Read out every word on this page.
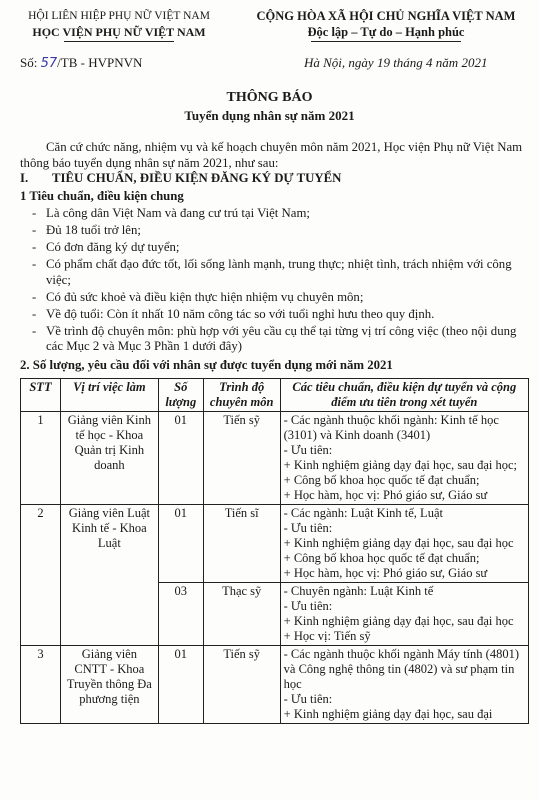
HỘI LIÊN HIỆP PHỤ NỮ VIỆT NAM
HỌC VIỆN PHỤ NỮ VIỆT NAM
CỘNG HÒA XÃ HỘI CHỦ NGHĨA VIỆT NAM
Độc lập – Tự do – Hạnh phúc
Số: 57/TB - HVPNVN	Hà Nội, ngày 19 tháng 4 năm 2021
THÔNG BÁO
Tuyển dụng nhân sự năm 2021

Căn cứ chức năng, nhiệm vụ và kế hoạch chuyên môn năm 2021, Học viện Phụ nữ Việt Nam thông báo tuyển dụng nhân sự năm 2021, như sau:

I.	TIÊU CHUẨN, ĐIỀU KIỆN ĐĂNG KÝ DỰ TUYỂN

1 Tiêu chuẩn, điều kiện chung

- Là công dân Việt Nam và đang cư trú tại Việt Nam;
- Đủ 18 tuổi trở lên;
- Có đơn đăng ký dự tuyển;
- Có phẩm chất đạo đức tốt, lối sống lành mạnh, trung thực; nhiệt tình, trách nhiệm với công việc;
- Có đủ sức khoẻ và điều kiện thực hiện nhiệm vụ chuyên môn;
- Về độ tuổi: Còn ít nhất 10 năm công tác so với tuổi nghỉ hưu theo quy định.
- Về trình độ chuyên môn: phù hợp với yêu cầu cụ thể tại từng vị trí công việc (theo nội dung các Mục 2 và Mục 3 Phần 1 dưới đây)

2. Số lượng, yêu cầu đối với nhân sự được tuyển dụng mới năm 2021

STT	Vị trí việc làm	Số lượng	Trình độ chuyên môn	Các tiêu chuẩn, điều kiện dự tuyển và cộng điểm ưu tiên trong xét tuyển
1	Giảng viên Kinh tế học - Khoa Quản trị Kinh doanh	01	Tiến sỹ	- Các ngành thuộc khối ngành: Kinh tế học (3101) và Kinh doanh (3401)
- Ưu tiên:
+ Kinh nghiệm giảng dạy đại học, sau đại học;
+ Công bố khoa học quốc tế đạt chuẩn;
+ Học hàm, học vị: Phó giáo sư, Giáo sư

2	Giảng viên Luật Kinh tế - Khoa Luật	01	Tiến sĩ	- Các ngành: Luật Kinh tế, Luật
- Ưu tiên:
+ Kinh nghiệm giảng dạy đại học, sau đại học
+ Công bố khoa học quốc tế đạt chuẩn;
+ Học hàm, học vị: Phó giáo sư, Giáo sư

		03	Thạc sỹ	- Chuyên ngành: Luật Kinh tế
- Ưu tiên:
+ Kinh nghiệm giảng dạy đại học, sau đại học
+ Học vị: Tiến sỹ

3	Giảng viên CNTT - Khoa Truyền thông Đa phương tiện	01	Tiến sỹ	- Các ngành thuộc khối ngành Máy tính (4801) và Công nghệ thông tin (4802) và sư phạm tin học
- Ưu tiên:
+ Kinh nghiệm giảng dạy đại học, sau đại
